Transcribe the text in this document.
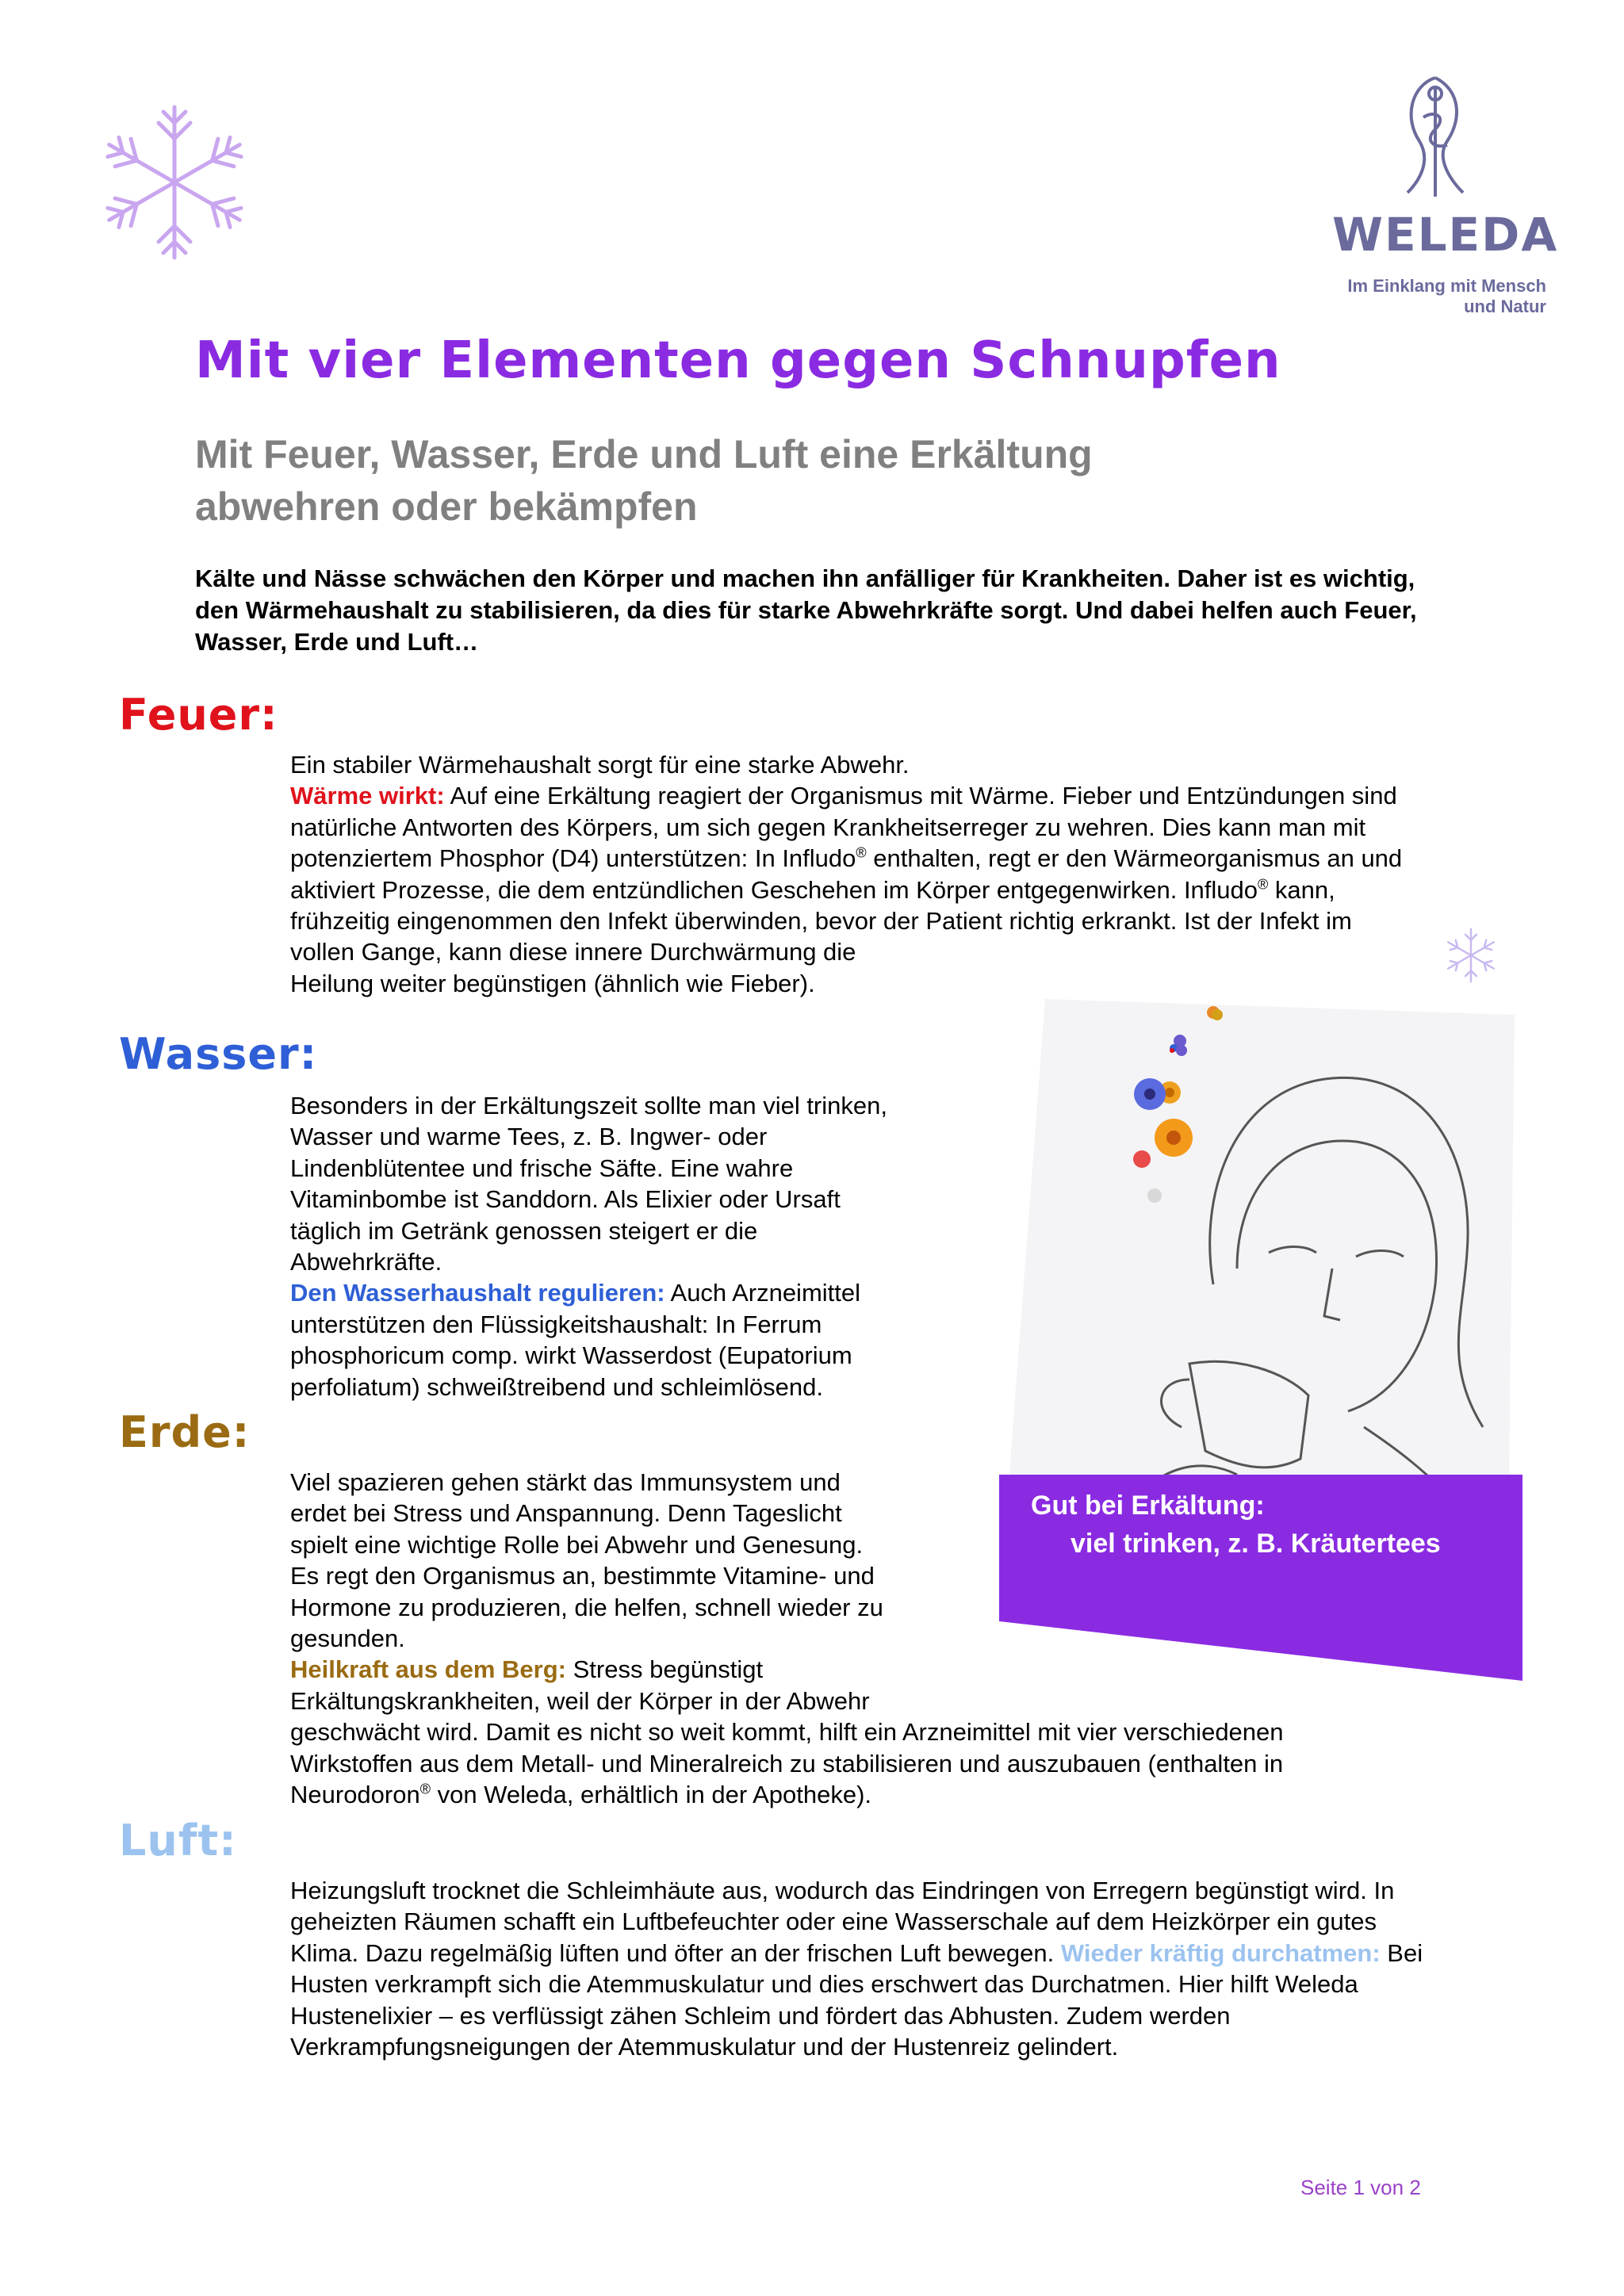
WELEDA
Im Einklang mit Mensch
und Natur
Mit vier Elementen gegen Schnupfen
Mit Feuer, Wasser, Erde und Luft eine Erkältung
abwehren oder bekämpfen
Kälte und Nässe schwächen den Körper und machen ihn anfälliger für Krankheiten. Daher ist es wichtig, den Wärmehaushalt zu stabilisieren, da dies für starke Abwehrkräfte sorgt. Und dabei helfen auch Feuer, Wasser, Erde und Luft…
Feuer:

Ein stabiler Wärmehaushalt sorgt für eine starke Abwehr.

Wärme wirkt: Auf eine Erkältung reagiert der Organismus mit Wärme. Fieber und Entzündungen sind natürliche Antworten des Körpers, um sich gegen Krankheitserreger zu wehren. Dies kann man mit potenziertem Phosphor (D4) unterstützen: In Infludo® enthalten, regt er den Wärmeorganismus an und aktiviert Prozesse, die dem entzündlichen Geschehen im Körper entgegenwirken. Infludo® kann, frühzeitig eingenommen den Infekt überwinden, bevor der Patient richtig erkrankt. Ist der Infekt im

vollen Gange, kann diese innere Durchwärmung die

Heilung weiter begünstigen (ähnlich wie Fieber).

Gut bei Erkältung:
viel trinken, z. B. Kräutertees
Wasser:

Besonders in der Erkältungszeit sollte man viel trinken,

Wasser und warme Tees, z. B. Ingwer- oder

Lindenblütentee und frische Säfte. Eine wahre

Vitaminbombe ist Sanddorn. Als Elixier oder Ursaft

täglich im Getränk genossen steigert er die

Abwehrkräfte.

Den Wasserhaushalt regulieren: Auch Arzneimittel

unterstützen den Flüssigkeitshaushalt: In Ferrum

phosphoricum comp. wirkt Wasserdost (Eupatorium

perfoliatum) schweißtreibend und schleimlösend.

Erde:

Viel spazieren gehen stärkt das Immunsystem und

erdet bei Stress und Anspannung. Denn Tageslicht

spielt eine wichtige Rolle bei Abwehr und Genesung.

Es regt den Organismus an, bestimmte Vitamine- und

Hormone zu produzieren, die helfen, schnell wieder zu

gesunden.

Heilkraft aus dem Berg: Stress begünstigt

Erkältungskrankheiten, weil der Körper in der Abwehr

geschwächt wird. Damit es nicht so weit kommt, hilft ein Arzneimittel mit vier verschiedenen

Wirkstoffen aus dem Metall- und Mineralreich zu stabilisieren und auszubauen (enthalten in

Neurodoron® von Weleda, erhältlich in der Apotheke).

Luft:

Heizungsluft trocknet die Schleimhäute aus, wodurch das Eindringen von Erregern begünstigt wird. In geheizten Räumen schafft ein Luftbefeuchter oder eine Wasserschale auf dem Heizkörper ein gutes Klima. Dazu regelmäßig lüften und öfter an der frischen Luft bewegen. Wieder kräftig durchatmen: Bei Husten verkrampft sich die Atemmuskulatur und dies erschwert das Durchatmen. Hier hilft Weleda Hustenelixier – es verflüssigt zähen Schleim und fördert das Abhusten. Zudem werden Verkrampfungsneigungen der Atemmuskulatur und der Hustenreiz gelindert.

Seite 1 von 2
